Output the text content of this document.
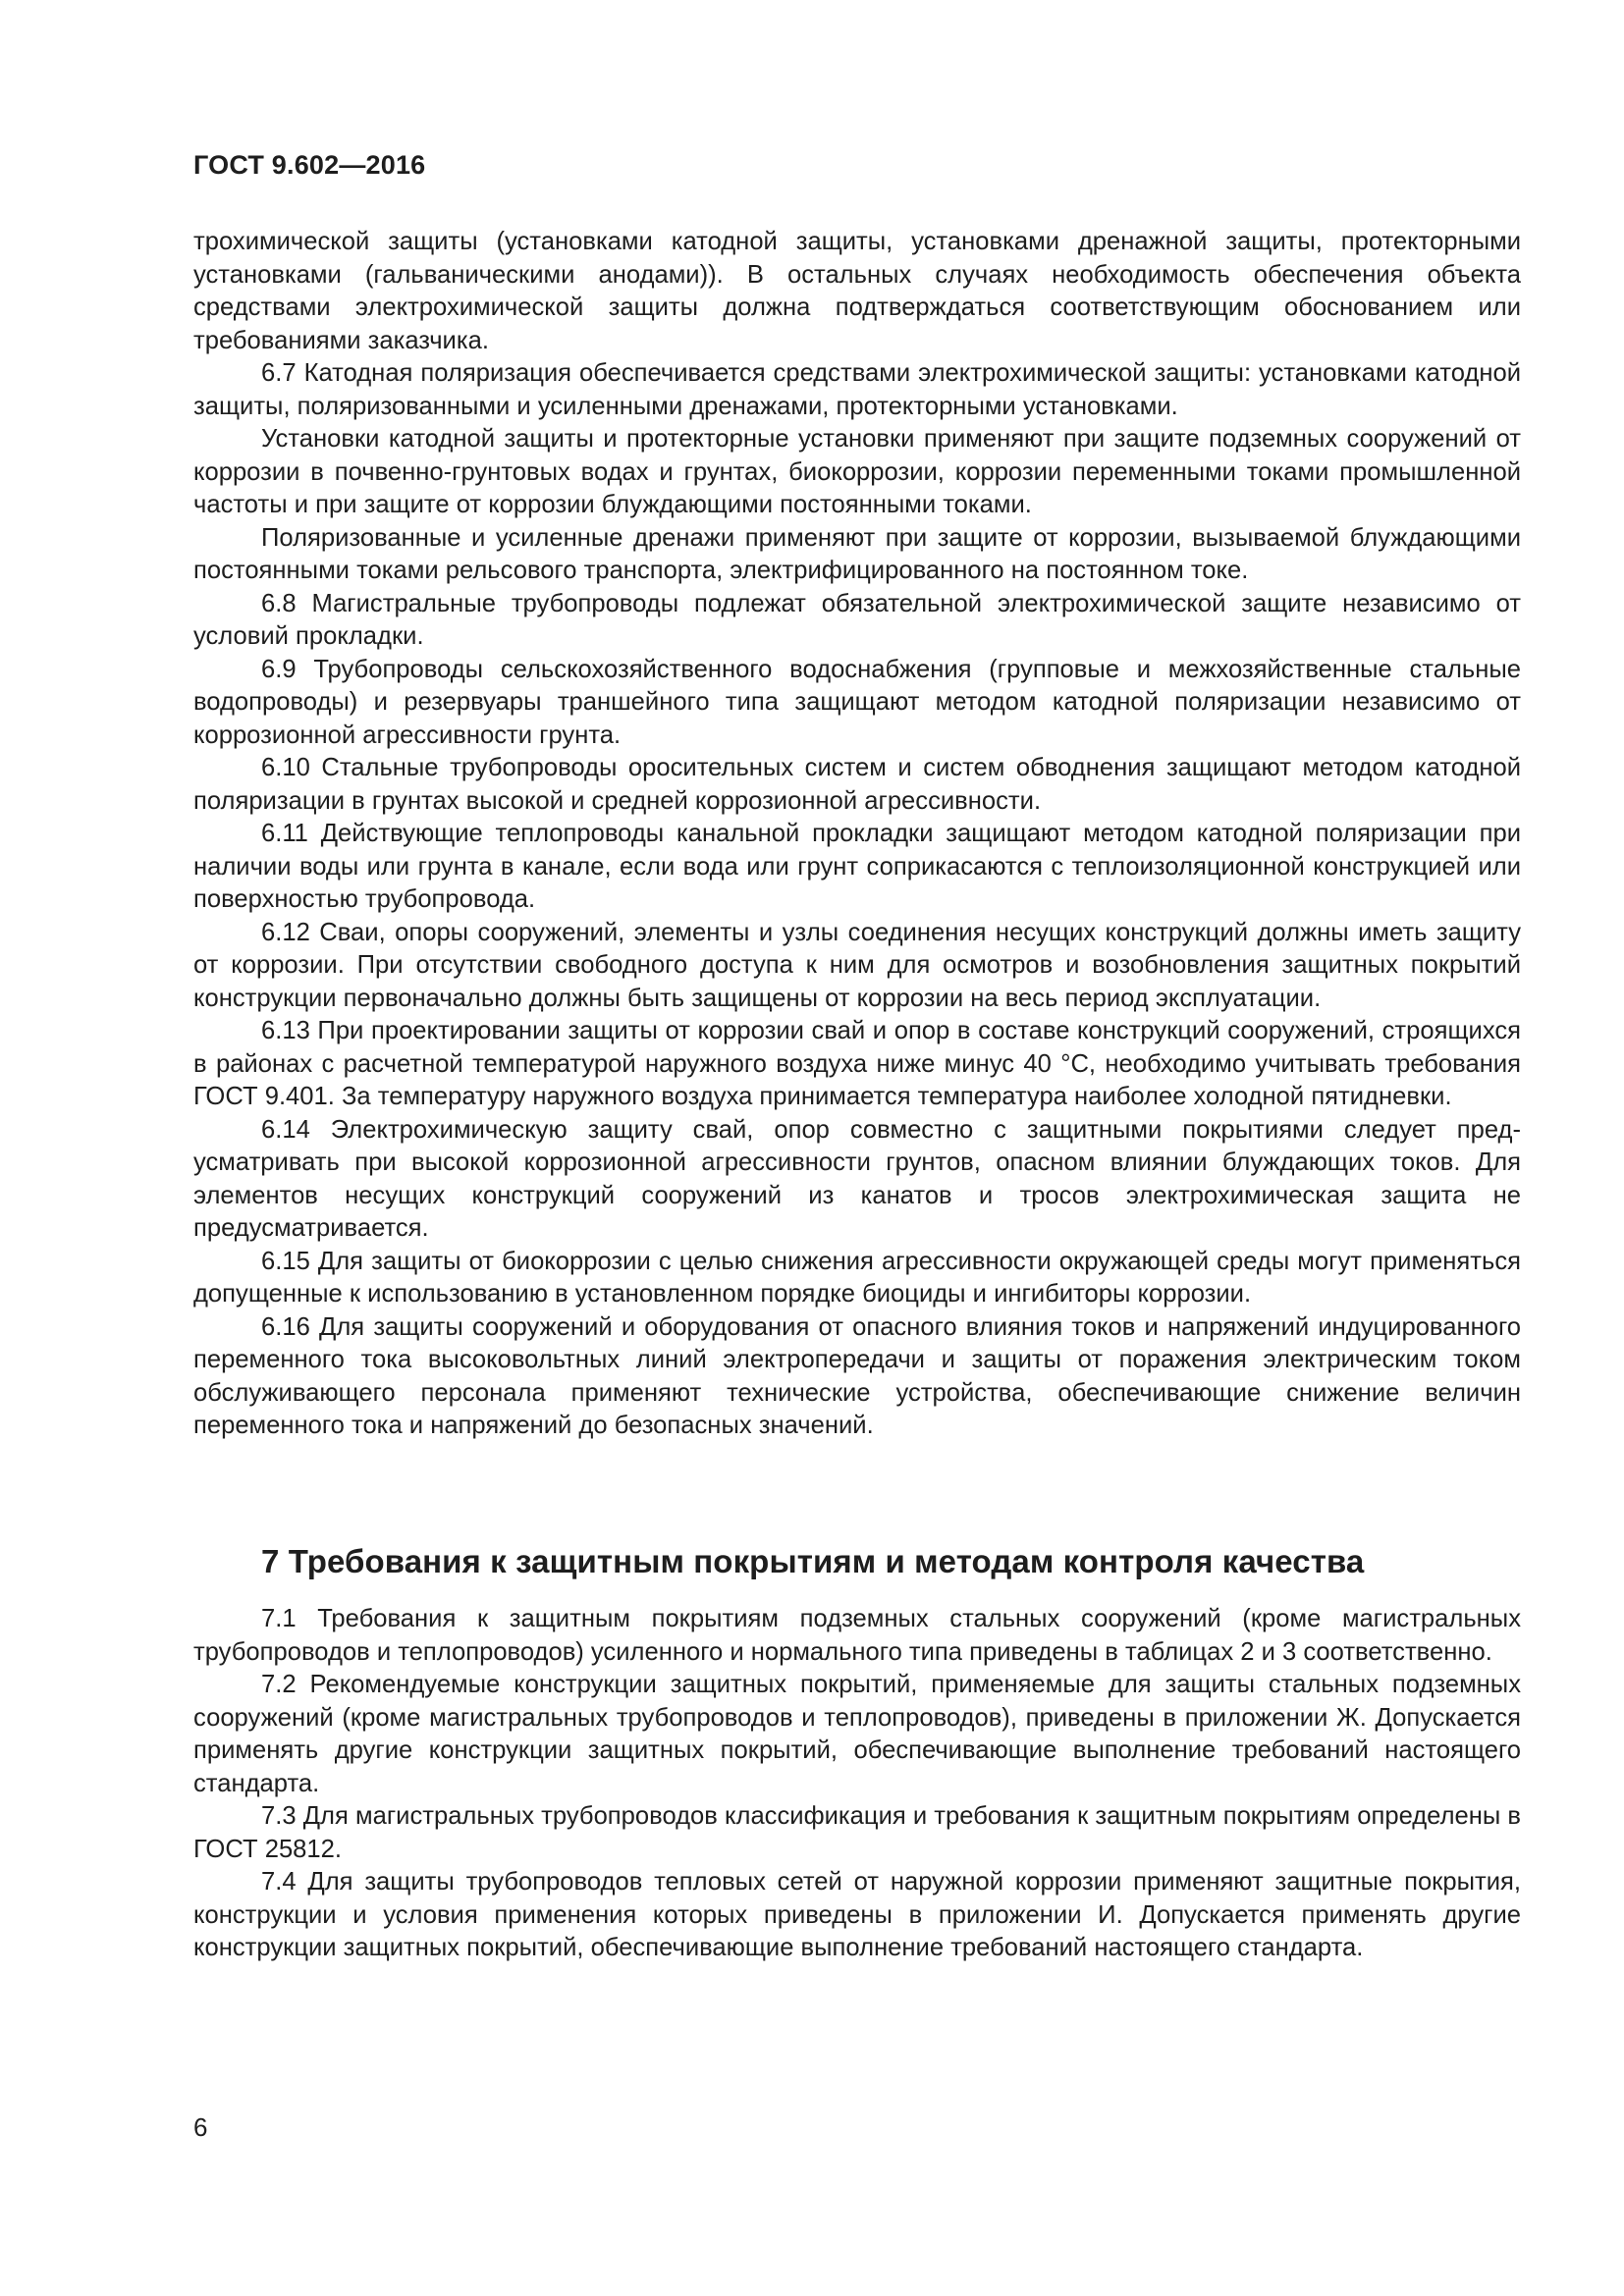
ГОСТ 9.602—2016

трохимической защиты (установками катодной защиты, установками дренажной защиты, протекторными установками (гальваническими анодами)). В остальных случаях необходимость обеспечения объекта средствами электрохимической защиты должна подтверждаться соответствующим обоснованием или требованиями заказчика.

6.7 Катодная поляризация обеспечивается средствами электрохимической защиты: установками катодной защиты, поляризованными и усиленными дренажами, протекторными установками.

Установки катодной защиты и протекторные установки применяют при защите подземных сооружений от коррозии в почвенно-грунтовых водах и грунтах, биокоррозии, коррозии переменными токами промышленной частоты и при защите от коррозии блуждающими постоянными токами.

Поляризованные и усиленные дренажи применяют при защите от коррозии, вызываемой блуждающими постоянными токами рельсового транспорта, электрифицированного на постоянном токе.

6.8 Магистральные трубопроводы подлежат обязательной электрохимической защите независимо от условий прокладки.

6.9 Трубопроводы сельскохозяйственного водоснабжения (групповые и межхозяйственные стальные водопроводы) и резервуары траншейного типа защищают методом катодной поляризации независимо от коррозионной агрессивности грунта.

6.10 Стальные трубопроводы оросительных систем и систем обводнения защищают методом катодной поляризации в грунтах высокой и средней коррозионной агрессивности.

6.11 Действующие теплопроводы канальной прокладки защищают методом катодной поляризации при наличии воды или грунта в канале, если вода или грунт соприкасаются с теплоизоляционной конструкцией или поверхностью трубопровода.

6.12 Сваи, опоры сооружений, элементы и узлы соединения несущих конструкций должны иметь защиту от коррозии. При отсутствии свободного доступа к ним для осмотров и возобновления защитных покрытий конструкции первоначально должны быть защищены от коррозии на весь период эксплуатации.

6.13 При проектировании защиты от коррозии свай и опор в составе конструкций сооружений, строящихся в районах с расчетной температурой наружного воздуха ниже минус 40 °С, необходимо учитывать требования ГОСТ 9.401. За температуру наружного воздуха принимается температура наиболее холодной пятидневки.

6.14 Электрохимическую защиту свай, опор совместно с защитными покрытиями следует предусматривать при высокой коррозионной агрессивности грунтов, опасном влиянии блуждающих токов. Для элементов несущих конструкций сооружений из канатов и тросов электрохимическая защита не предусматривается.

6.15 Для защиты от биокоррозии с целью снижения агрессивности окружающей среды могут применяться допущенные к использованию в установленном порядке биоциды и ингибиторы коррозии.

6.16 Для защиты сооружений и оборудования от опасного влияния токов и напряжений индуцированного переменного тока высоковольтных линий электропередачи и защиты от поражения электрическим током обслуживающего персонала применяют технические устройства, обеспечивающие снижение величин переменного тока и напряжений до безопасных значений.

7 Требования к защитным покрытиям и методам контроля качества

7.1 Требования к защитным покрытиям подземных стальных сооружений (кроме магистральных трубопроводов и теплопроводов) усиленного и нормального типа приведены в таблицах 2 и 3 соответственно.

7.2 Рекомендуемые конструкции защитных покрытий, применяемые для защиты стальных подземных сооружений (кроме магистральных трубопроводов и теплопроводов), приведены в приложении Ж. Допускается применять другие конструкции защитных покрытий, обеспечивающие выполнение требований настоящего стандарта.

7.3 Для магистральных трубопроводов классификация и требования к защитным покрытиям определены в ГОСТ 25812.

7.4 Для защиты трубопроводов тепловых сетей от наружной коррозии применяют защитные покрытия, конструкции и условия применения которых приведены в приложении И. Допускается применять другие конструкции защитных покрытий, обеспечивающие выполнение требований настоящего стандарта.

6
